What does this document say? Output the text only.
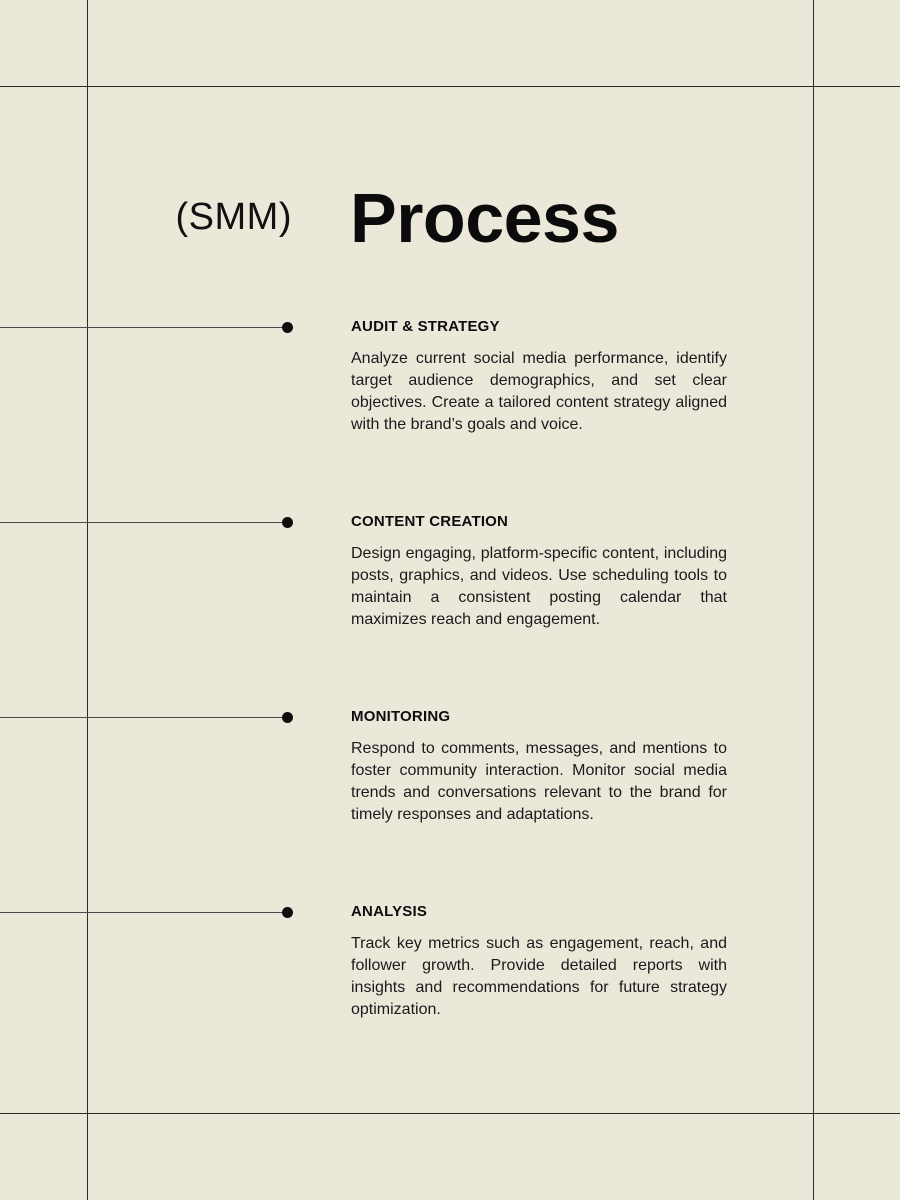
(SMM) Process
AUDIT & STRATEGY

Analyze current social media performance, identify target audience demographics, and set clear objectives. Create a tailored content strategy aligned with the brand’s goals and voice.

CONTENT CREATION

Design engaging, platform-specific content, including posts, graphics, and videos. Use scheduling tools to maintain a consistent posting calendar that maximizes reach and engagement.

MONITORING

Respond to comments, messages, and mentions to foster community interaction. Monitor social media trends and conversations relevant to the brand for timely responses and adaptations.

ANALYSIS

Track key metrics such as engagement, reach, and follower growth. Provide detailed reports with insights and recommendations for future strategy optimization.
